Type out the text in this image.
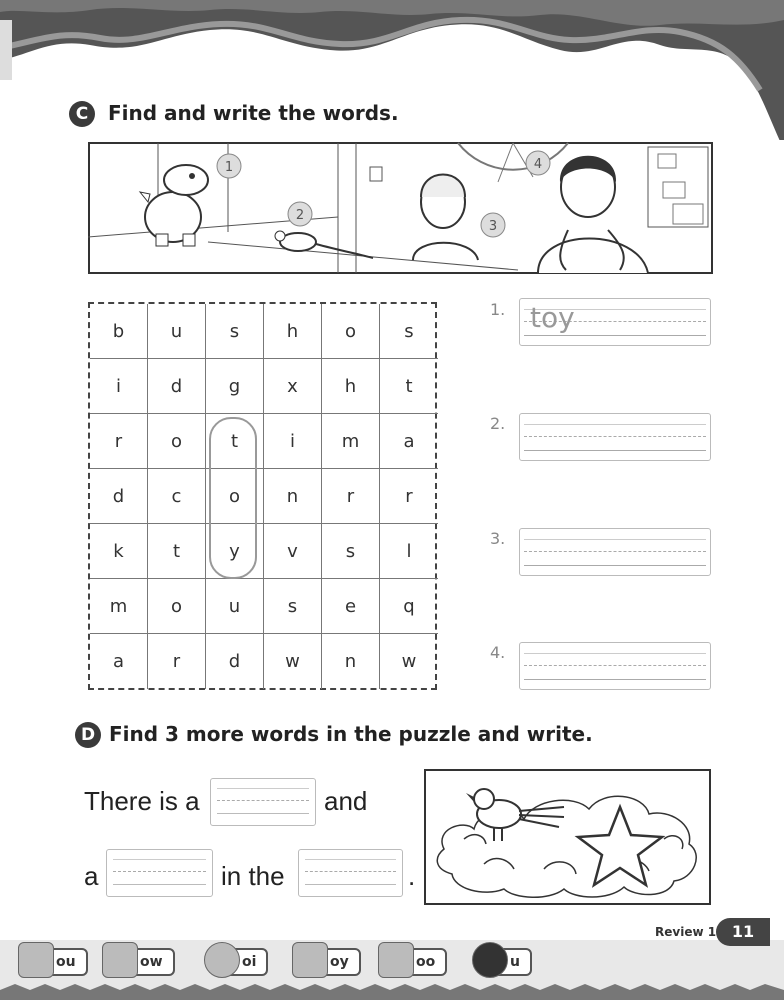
C Find and write the words.
1
2
3
4
b	u	s	h	o	s
i	d	g	x	h	t
r	o	t	i	m	a
d	c	o	n	r	r
k	t	y	v	s	l
m	o	u	s	e	q
a	r	d	w	n	w
1. toy
2.
3.
4.
D Find 3 more words in the puzzle and write.
There is a	and
a	in the	.
Review 1 11
ou	ow	oi	oy	oo	u
